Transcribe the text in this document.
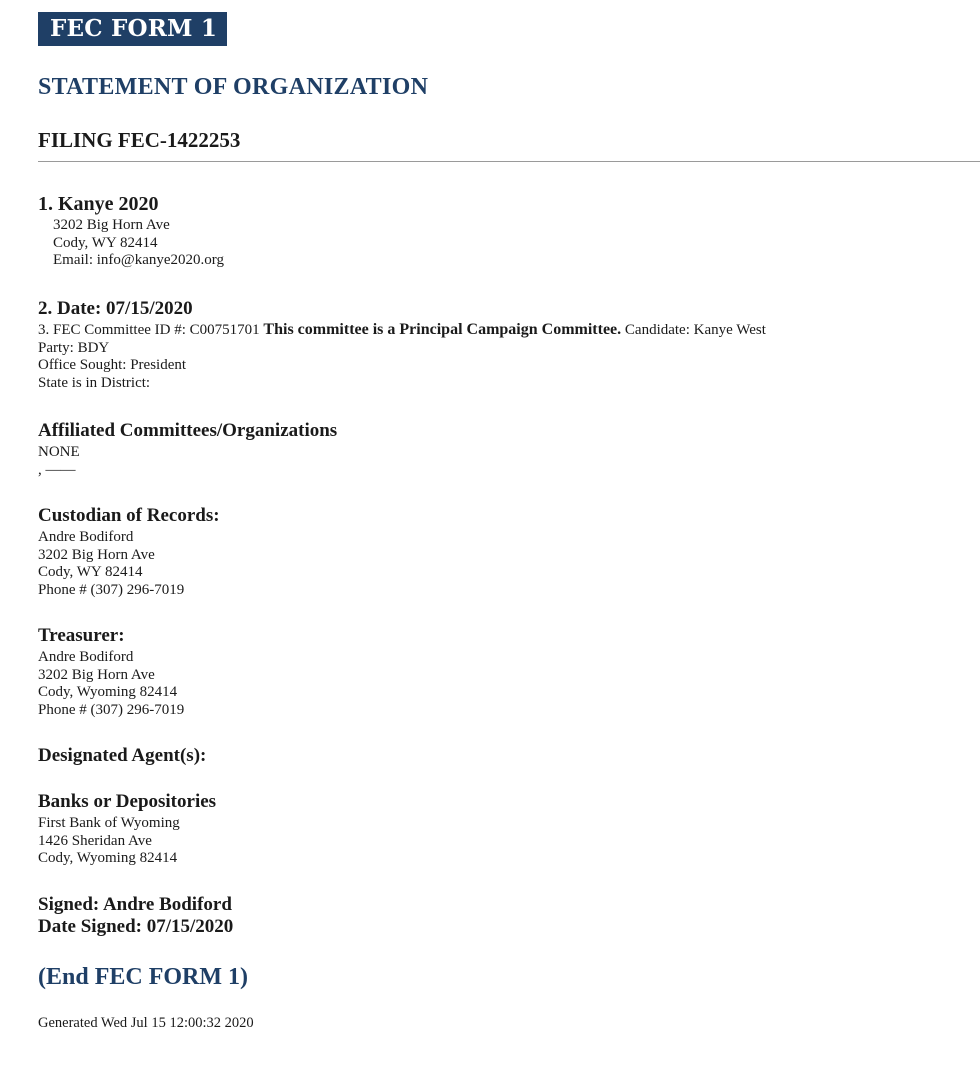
FEC FORM 1
STATEMENT OF ORGANIZATION
FILING FEC-1422253
1. Kanye 2020
3202 Big Horn Ave
Cody, WY 82414
Email: info@kanye2020.org
2. Date: 07/15/2020
3. FEC Committee ID #: C00751701 This committee is a Principal Campaign Committee. Candidate: Kanye West
Party: BDY
Office Sought: President
State is in District:
Affiliated Committees/Organizations
NONE
, ——
Custodian of Records:
Andre Bodiford
3202 Big Horn Ave
Cody, WY 82414
Phone # (307) 296-7019
Treasurer:
Andre Bodiford
3202 Big Horn Ave
Cody, Wyoming 82414
Phone # (307) 296-7019
Designated Agent(s):
Banks or Depositories
First Bank of Wyoming
1426 Sheridan Ave
Cody, Wyoming 82414
Signed: Andre Bodiford
Date Signed: 07/15/2020
(End FEC FORM 1)
Generated Wed Jul 15 12:00:32 2020
